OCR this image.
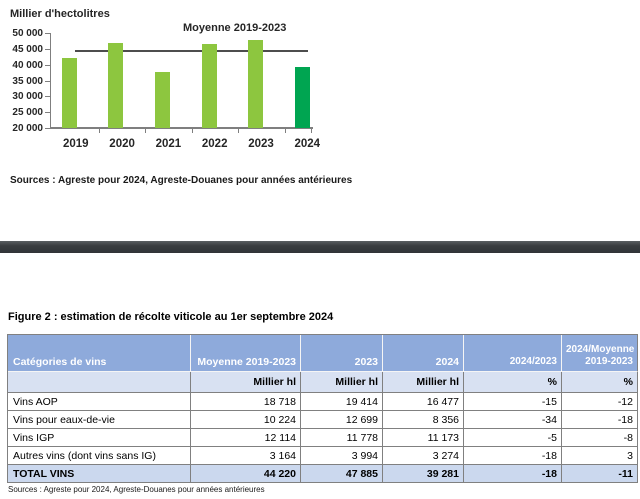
Millier d'hectolitres
Moyenne 2019-2023
50 000
45 000
40 000
35 000
30 000
25 000
20 000
2019	2020	2021	2022	2023	2024
Sources : Agreste pour 2024, Agreste-Douanes pour années antérieures
Figure 2 : estimation de récolte viticole au 1er septembre 2024
Catégories de vins	Moyenne 2019-2023	2023	2024	2024/2023	2024/Moyenne 2019-2023
	Millier hl	Millier hl	Millier hl	%	%
Vins AOP	18 718	19 414	16 477	-15	-12
Vins pour eaux-de-vie	10 224	12 699	8 356	-34	-18
Vins IGP	12 114	11 778	11 173	-5	-8
Autres vins (dont vins sans IG)	3 164	3 994	3 274	-18	3
TOTAL VINS	44 220	47 885	39 281	-18	-11
Sources : Agreste pour 2024, Agreste-Douanes pour années antérieures
